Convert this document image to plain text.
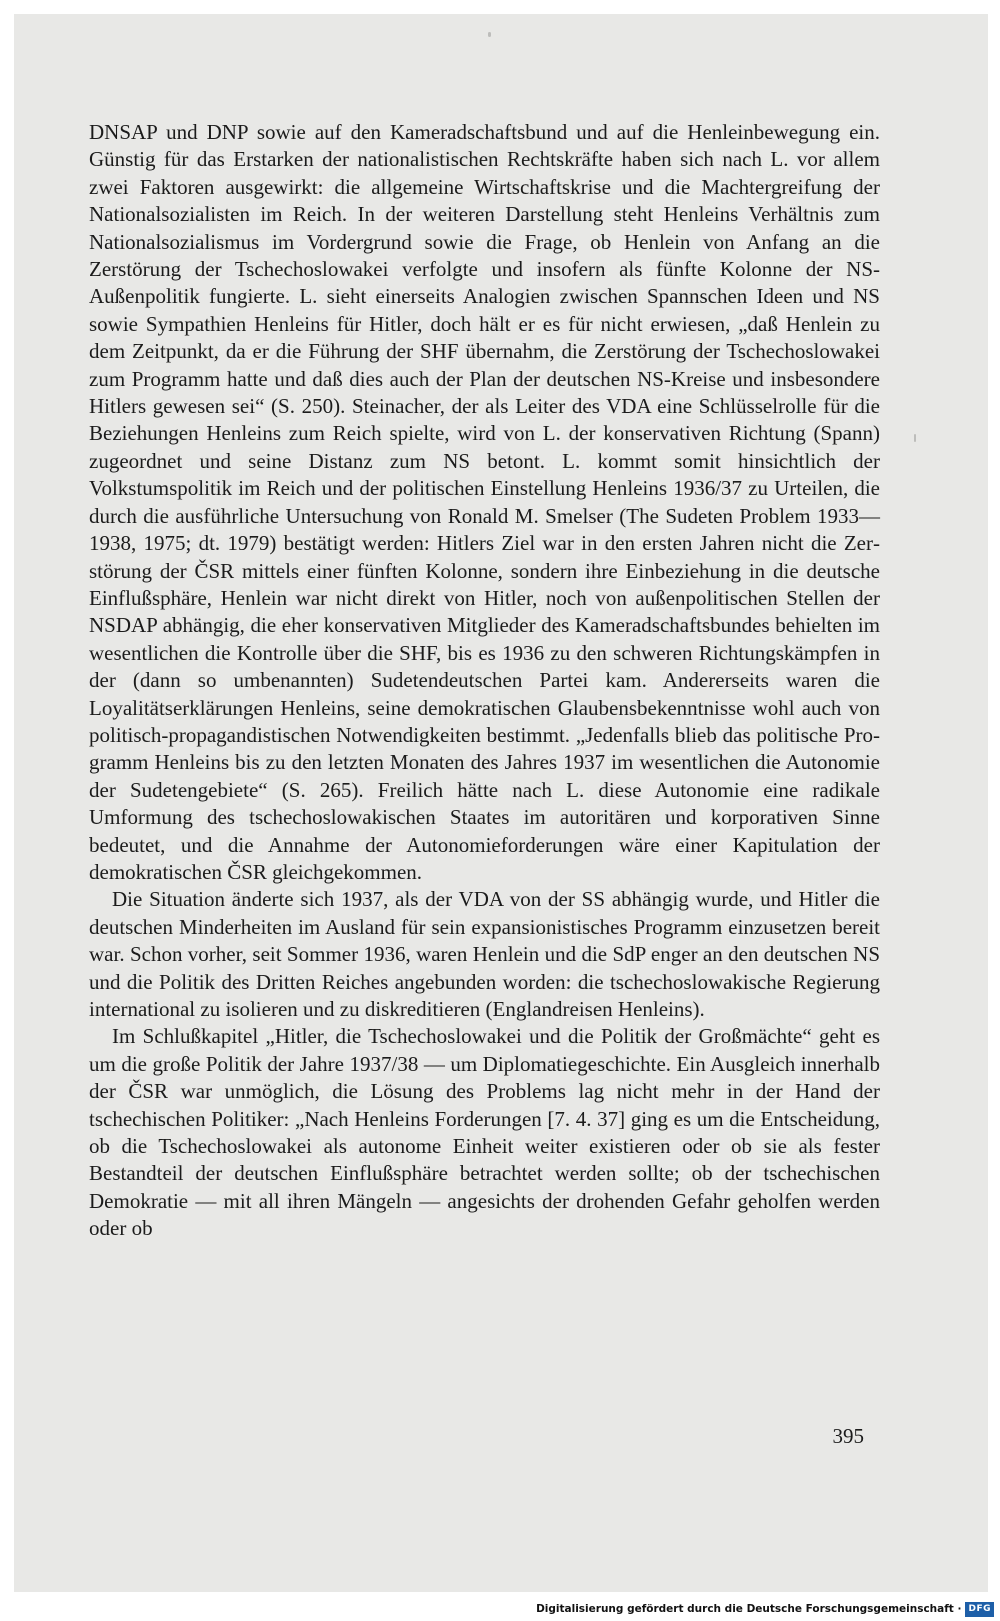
DNSAP und DNP sowie auf den Kameradschaftsbund und auf die Henleinbewegung ein. Günstig für das Erstarken der nationalistischen Rechtskräfte haben sich nach L. vor allem zwei Faktoren ausgewirkt: die allgemeine Wirtschaftskrise und die Machtergreifung der Nationalsozialisten im Reich. In der weiteren Darstellung steht Henleins Verhältnis zum Nationalsozialismus im Vordergrund sowie die Frage, ob Henlein von Anfang an die Zerstörung der Tschechoslowakei verfolgte und insofern als fünfte Kolonne der NS-Außenpolitik fungierte. L. sieht einerseits Analogien zwischen Spannschen Ideen und NS sowie Sympathien Henleins für Hitler, doch hält er es für nicht erwiesen, „daß Henlein zu dem Zeitpunkt, da er die Führung der SHF übernahm, die Zerstörung der Tschechoslowakei zum Programm hatte und daß dies auch der Plan der deutschen NS-Kreise und insbesondere Hitlers gewesen sei“ (S. 250). Steinacher, der als Leiter des VDA eine Schlüsselrolle für die Beziehungen Henleins zum Reich spielte, wird von L. der konservativen Richtung (Spann) zugeordnet und seine Distanz zum NS betont. L. kommt somit hinsichtlich der Volkstumspolitik im Reich und der politischen Einstellung Henleins 1936/37 zu Urteilen, die durch die ausführliche Untersuchung von Ronald M. Smelser (The Sudeten Problem 1933—1938, 1975; dt. 1979) bestätigt werden: Hitlers Ziel war in den ersten Jahren nicht die Zerstörung der ČSR mittels einer fünften Kolonne, sondern ihre Einbeziehung in die deutsche Einflußsphäre, Henlein war nicht direkt von Hitler, noch von außenpolitischen Stellen der NSDAP abhängig, die eher konservativen Mitglieder des Kameradschaftsbundes behielten im wesentlichen die Kontrolle über die SHF, bis es 1936 zu den schweren Richtungskämpfen in der (dann so umbenannten) Sudetendeutschen Partei kam. Andererseits waren die Loyalitätserklärungen Henleins, seine demokratischen Glaubensbekenntnisse wohl auch von politisch-propagandistischen Notwendigkeiten bestimmt. „Jedenfalls blieb das politische Programm Henleins bis zu den letzten Monaten des Jahres 1937 im wesentlichen die Autonomie der Sudetengebiete“ (S. 265). Freilich hätte nach L. diese Autonomie eine radikale Umformung des tschechoslowakischen Staates im autoritären und korporativen Sinne bedeutet, und die Annahme der Autonomieforderungen wäre einer Kapitulation der demokratischen ČSR gleichgekommen.

Die Situation änderte sich 1937, als der VDA von der SS abhängig wurde, und Hitler die deutschen Minderheiten im Ausland für sein expansionistisches Programm einzusetzen bereit war. Schon vorher, seit Sommer 1936, waren Henlein und die SdP enger an den deutschen NS und die Politik des Dritten Reiches angebunden worden: die tschechoslowakische Regierung international zu isolieren und zu diskreditieren (Englandreisen Henleins).

Im Schlußkapitel „Hitler, die Tschechoslowakei und die Politik der Großmächte“ geht es um die große Politik der Jahre 1937/38 — um Diplomatiegeschichte. Ein Ausgleich innerhalb der ČSR war unmöglich, die Lösung des Problems lag nicht mehr in der Hand der tschechischen Politiker: „Nach Henleins Forderungen [7. 4. 37] ging es um die Entscheidung, ob die Tschechoslowakei als autonome Einheit weiter existieren oder ob sie als fester Bestandteil der deutschen Einflußsphäre betrachtet werden sollte; ob der tschechischen Demokratie — mit all ihren Mängeln — angesichts der drohenden Gefahr geholfen werden oder ob

395
Digitalisierung gefördert durch die Deutsche Forschungsgemeinschaft · DFG
